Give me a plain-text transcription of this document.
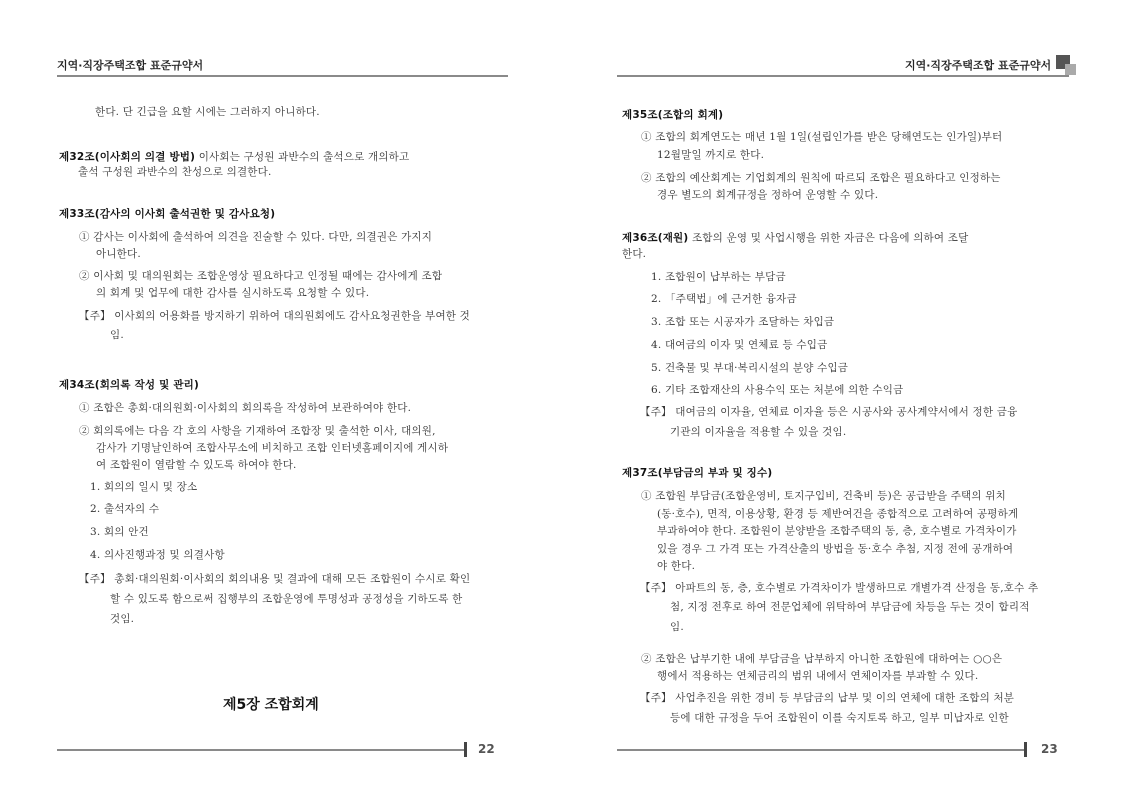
지역·직장주택조합 표준규약서
한다. 단 긴급을 요할 시에는 그러하지 아니하다.
제32조(이사회의 의결 방법) 이사회는 구성원 과반수의 출석으로 개의하고
출석 구성원 과반수의 찬성으로 의결한다.
제33조(감사의 이사회 출석권한 및 감사요청)
① 감사는 이사회에 출석하여 의견을 진술할 수 있다. 다만, 의결권은 가지지
아니한다.
② 이사회 및 대의원회는 조합운영상 필요하다고 인정될 때에는 감사에게 조합
의 회계 및 업무에 대한 감사를 실시하도록 요청할 수 있다.
【주】 이사회의 어용화를 방지하기 위하여 대의원회에도 감사요청권한을 부여한 것
임.
제34조(회의록 작성 및 관리)
① 조합은 총회·대의원회·이사회의 회의록을 작성하여 보관하여야 한다.
② 회의록에는 다음 각 호의 사항을 기재하여 조합장 및 출석한 이사, 대의원,
감사가 기명날인하여 조합사무소에 비치하고 조합 인터넷홈페이지에 게시하
여 조합원이 열람할 수 있도록 하여야 한다.
1. 회의의 일시 및 장소
2. 출석자의 수
3. 회의 안건
4. 의사진행과정 및 의결사항
【주】 총회·대의원회·이사회의 회의내용 및 결과에 대해 모든 조합원이 수시로 확인
할 수 있도록 함으로써 집행부의 조합운영에 투명성과 공정성을 기하도록 한
것임.
제5장 조합회계
22
지역·직장주택조합 표준규약서
제35조(조합의 회계)
① 조합의 회계연도는 매년 1월 1일(설립인가를 받은 당해연도는 인가일)부터
12월말일 까지로 한다.
② 조합의 예산회계는 기업회계의 원칙에 따르되 조합은 필요하다고 인정하는
경우 별도의 회계규정을 정하여 운영할 수 있다.
제36조(재원) 조합의 운영 및 사업시행을 위한 자금은 다음에 의하여 조달
한다.
1. 조합원이 납부하는 부담금
2. 「주택법」에 근거한 융자금
3. 조합 또는 시공자가 조달하는 차입금
4. 대여금의 이자 및 연체료 등 수입금
5. 건축물 및 부대·복리시설의 분양 수입금
6. 기타 조합재산의 사용수익 또는 처분에 의한 수익금
【주】 대여금의 이자율, 연체료 이자율 등은 시공사와 공사계약서에서 정한 금융
기관의 이자율을 적용할 수 있을 것임.
제37조(부담금의 부과 및 징수)
① 조합원 부담금(조합운영비, 토지구입비, 건축비 등)은 공급받을 주택의 위치
(동·호수), 면적, 이용상황, 환경 등 제반여건을 종합적으로 고려하여 공평하게
부과하여야 한다. 조합원이 분양받을 조합주택의 동, 층, 호수별로 가격차이가
있을 경우 그 가격 또는 가격산출의 방법을 동·호수 추첨, 지정 전에 공개하여
야 한다.
【주】 아파트의 동, 층, 호수별로 가격차이가 발생하므로 개별가격 산정을 동,호수 추
첨, 지정 전후로 하여 전문업체에 위탁하여 부담금에 차등을 두는 것이 합리적
임.
② 조합은 납부기한 내에 부담금을 납부하지 아니한 조합원에 대하여는 ○○은
행에서 적용하는 연체금리의 범위 내에서 연체이자를 부과할 수 있다.
【주】 사업추진을 위한 경비 등 부담금의 납부 및 이의 연체에 대한 조합의 처분
등에 대한 규정을 두어 조합원이 이를 숙지토록 하고, 일부 미납자로 인한
23
